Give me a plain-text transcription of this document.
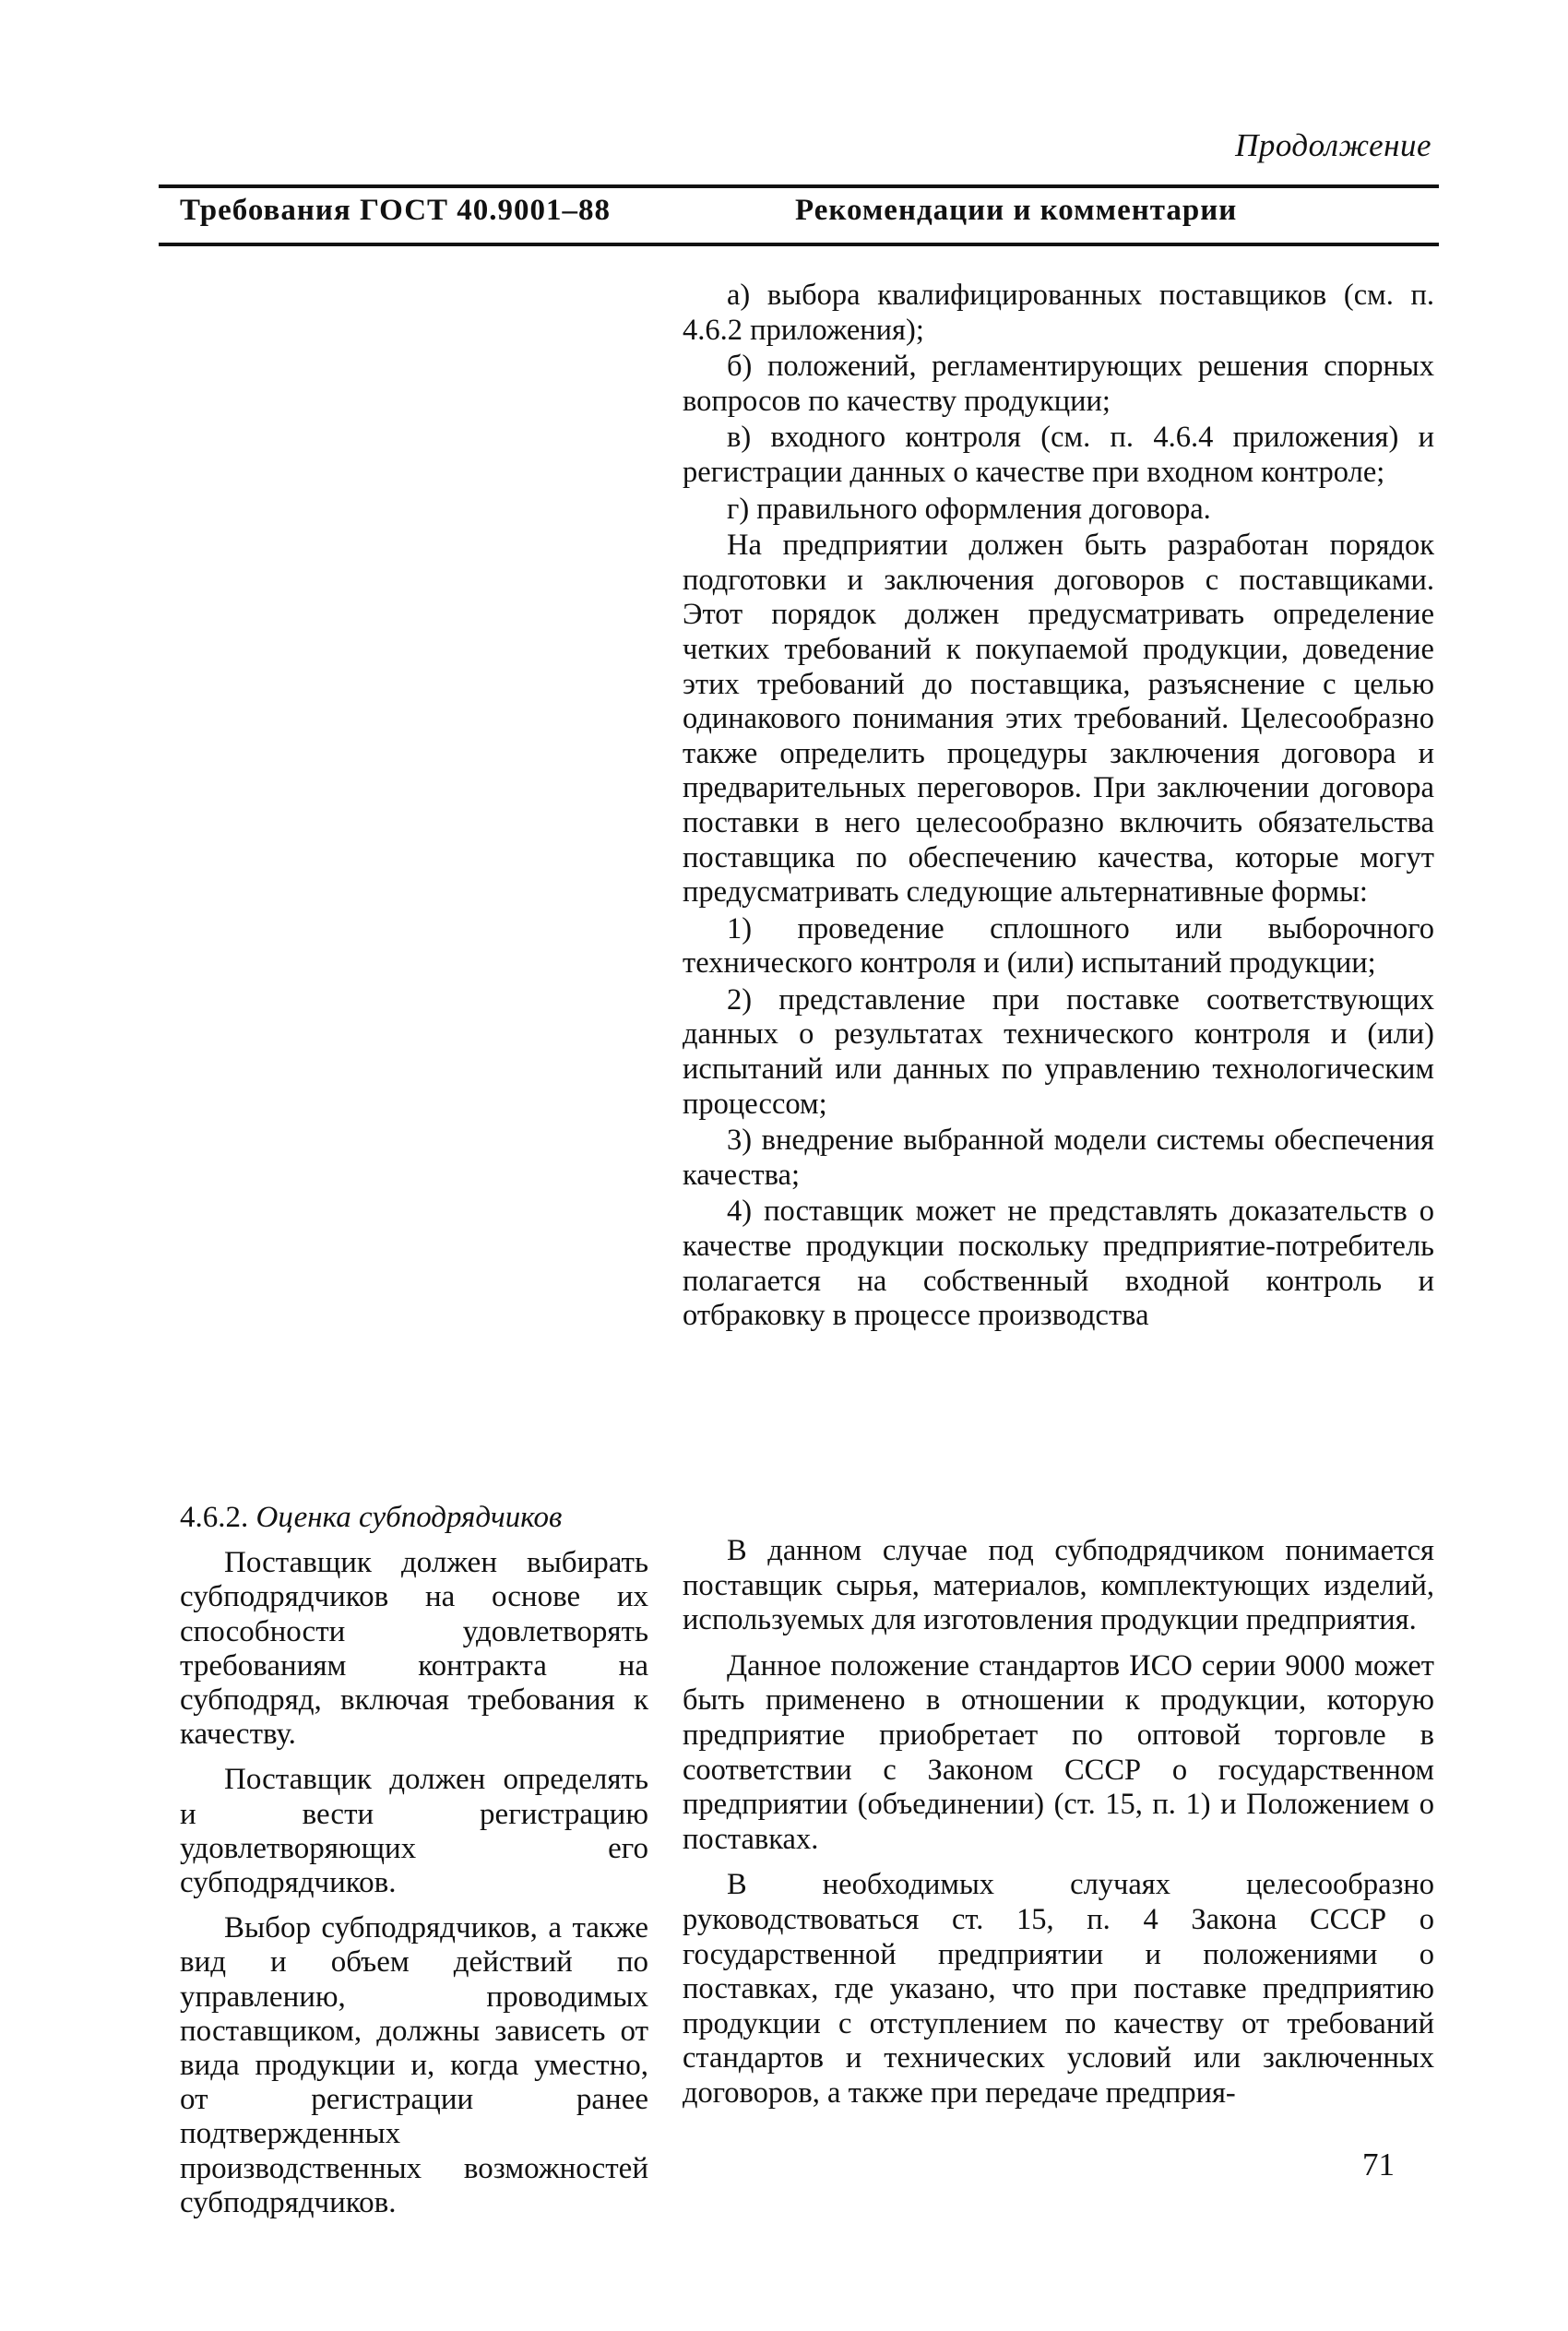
Продолжение
Требования ГОСТ 40.9001–88	Рекомендации и комментарии

а) выбора квалифицированных поставщиков (см. п. 4.6.2 приложения);

б) положений, регламентирующих решения спорных вопросов по качеству продукции;

в) входного контроля (см. п. 4.6.4 приложения) и регистрации данных о качестве при входном контроле;

г) правильного оформления договора.

На предприятии должен быть разработан порядок подготовки и заключения договоров с поставщиками. Этот порядок должен предусматривать определение четких требований к покупаемой продукции, доведение этих требований до поставщика, разъяснение с целью одинакового понимания этих требований. Целесообразно также определить процедуры заключения договора и предварительных переговоров. При заключении договора поставки в него целесообразно включить обязательства поставщика по обеспечению качества, которые могут предусматривать следующие альтернативные формы:

1) проведение сплошного или выборочного технического контроля и (или) испытаний продукции;

2) представление при поставке соответствующих данных о результатах технического контроля и (или) испытаний или данных по управлению технологическим процессом;

3) внедрение выбранной модели системы обеспечения качества;

4) поставщик может не представлять доказательств о качестве продукции поскольку предприятие-потребитель полагается на собственный входной контроль и отбраковку в процессе производства

4.6.2. Оценка субподрядчиков

Поставщик должен выбирать субподрядчиков на основе их способности удовлетворять требованиям контракта на субподряд, включая требования к качеству.

Поставщик должен определять и вести регистрацию удовлетворяющих его субподрядчиков.

Выбор субподрядчиков, а также вид и объем действий по управлению, проводимых поставщиком, должны зависеть от вида продукции и, когда уместно, от регистрации ранее подтвержденных производственных возможностей субподрядчиков.

В данном случае под субподрядчиком понимается поставщик сырья, материалов, комплектующих изделий, используемых для изготовления продукции предприятия.

Данное положение стандартов ИСО серии 9000 может быть применено в отношении к продукции, которую предприятие приобретает по оптовой торговле в соответствии с Законом СССР о государственном предприятии (объединении) (ст. 15, п. 1) и Положением о поставках.

В необходимых случаях целесообразно руководствоваться ст. 15, п. 4 Закона СССР о государственной предприятии и положениями о поставках, где указано, что при поставке предприятию продукции с отступлением по качеству от требований стандартов и технических условий или заключенных договоров, а также при передаче предприя-

71
